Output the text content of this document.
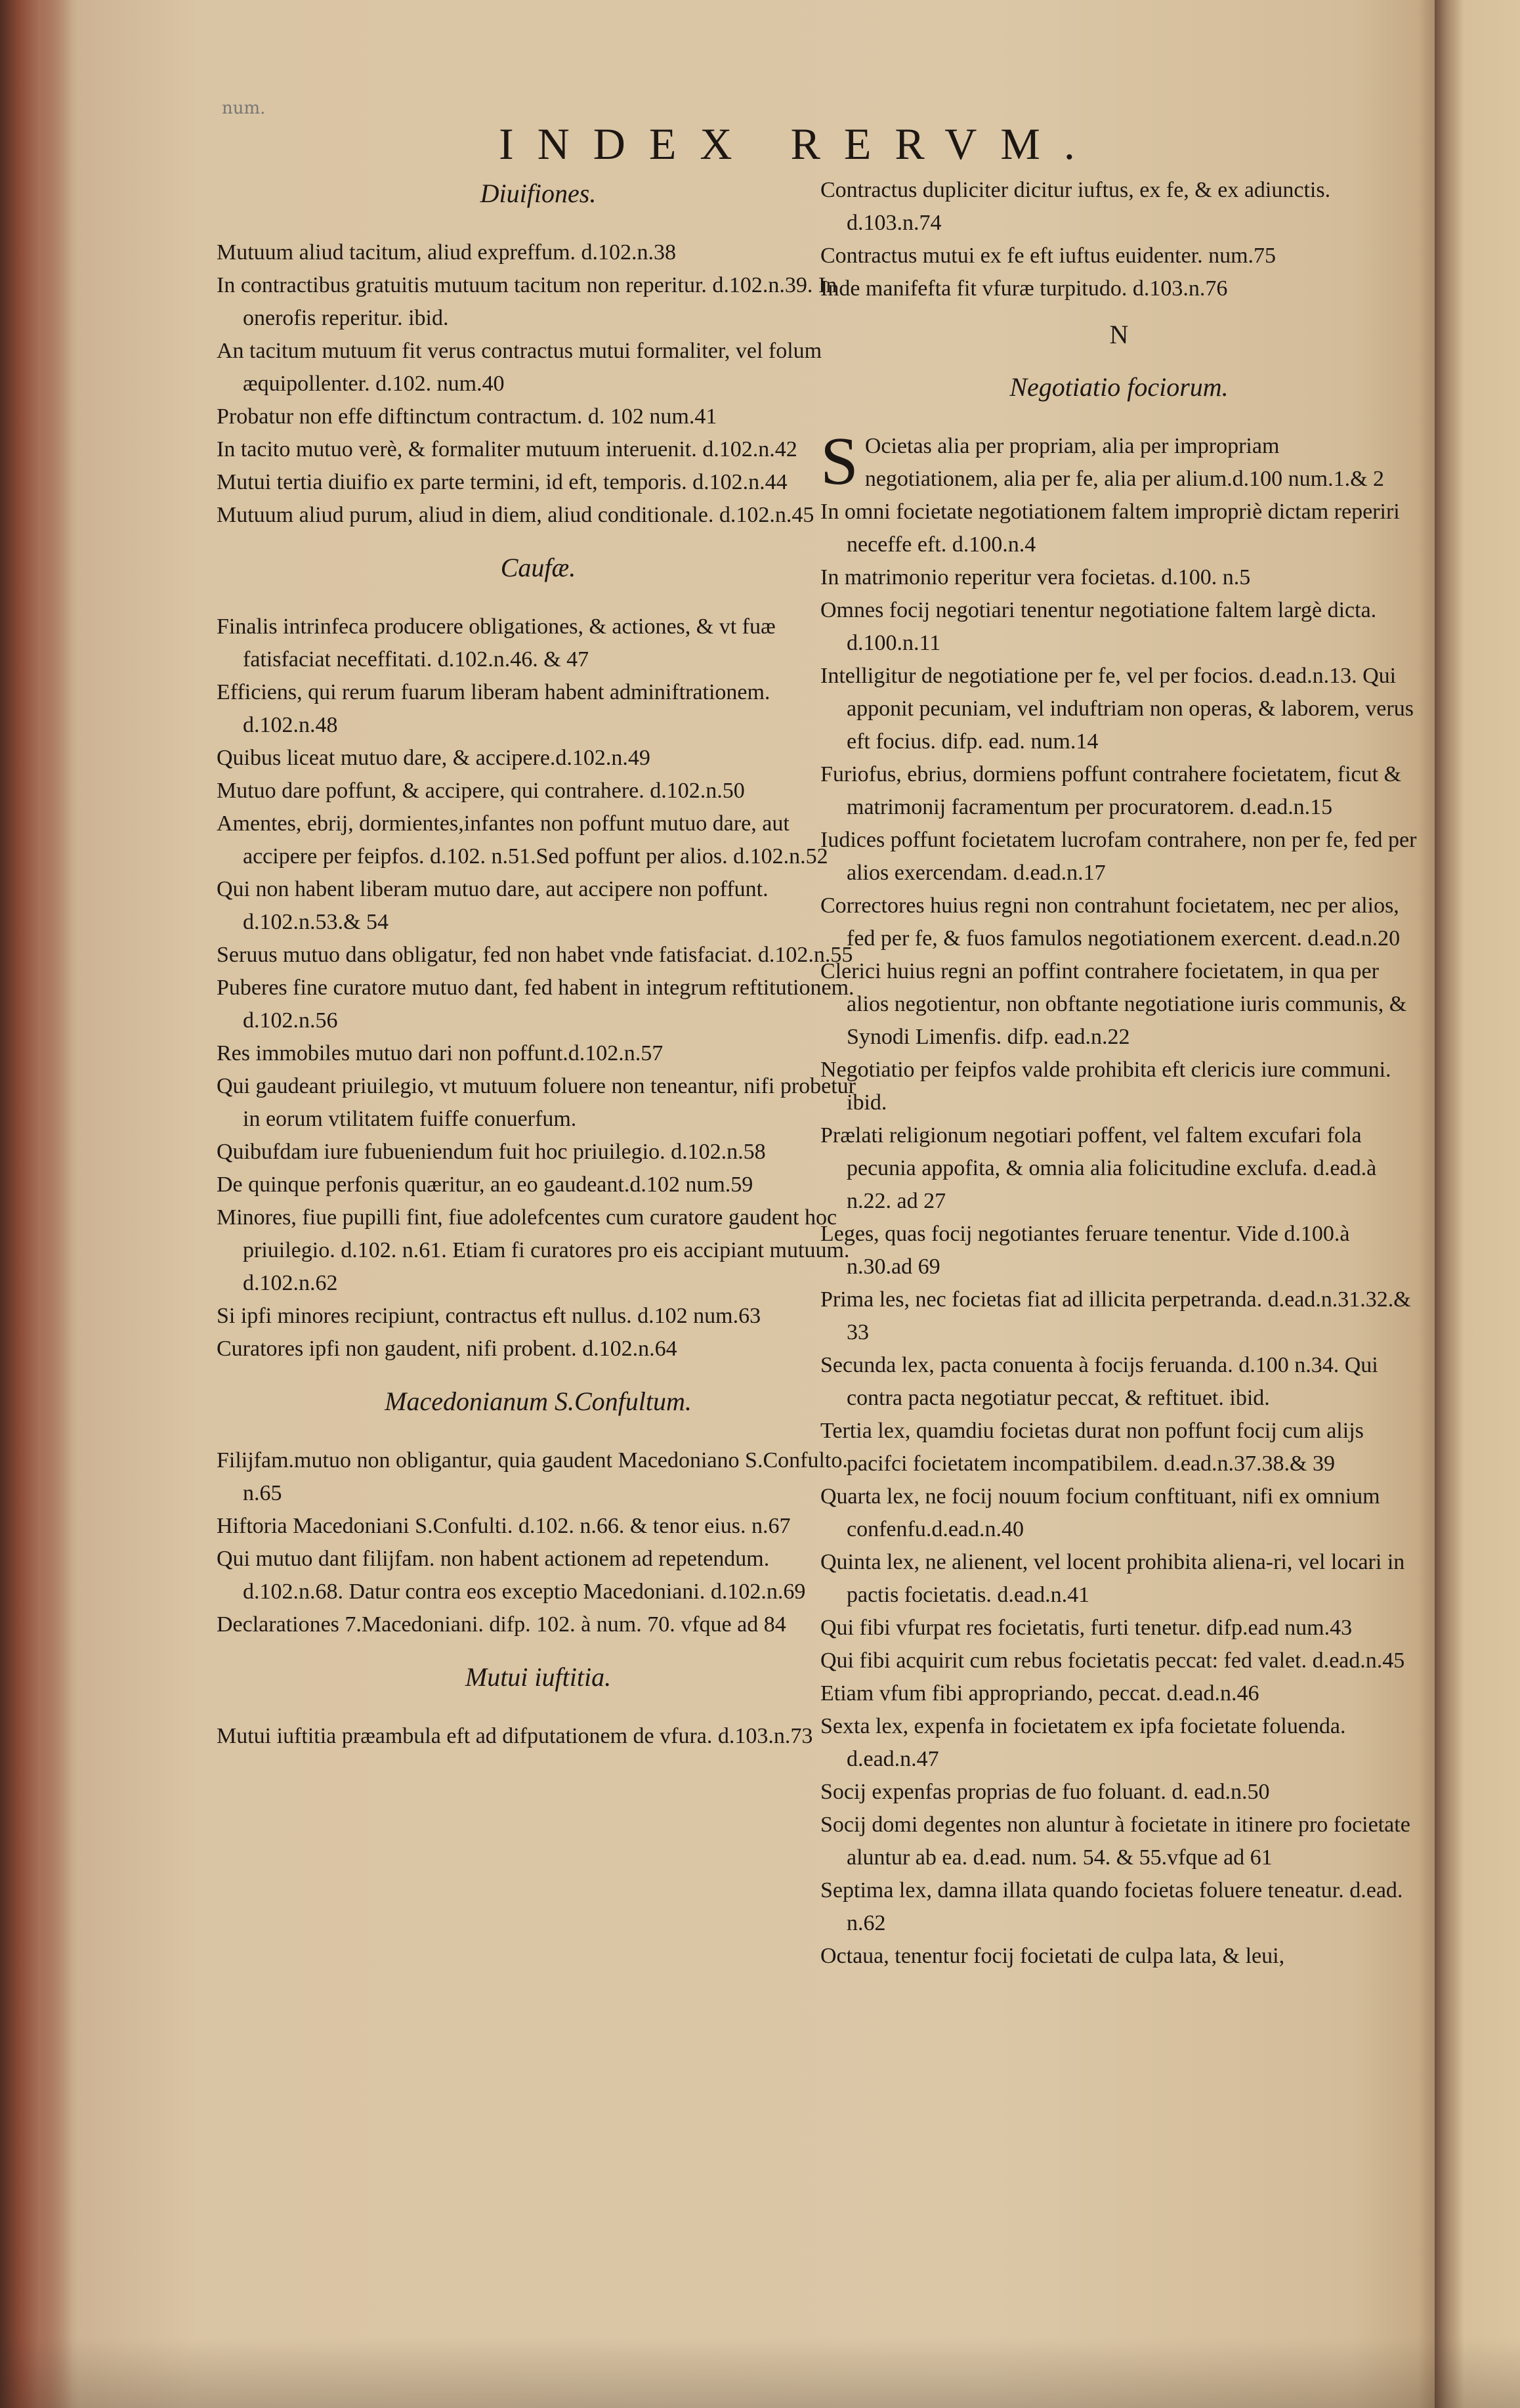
num.
INDEX RERVM.
Diuifiones.
Mutuum aliud tacitum, aliud expreffum. d.102.n.38
In contractibus gratuitis mutuum tacitum non reperitur. d.102.n.39. In onerofis reperitur. ibid.
An tacitum mutuum fit verus contractus mutui formaliter, vel folum æquipollenter. d.102. num.40
Probatur non effe diftinctum contractum. d. 102 num.41
In tacito mutuo verè, & formaliter mutuum interuenit. d.102.n.42
Mutui tertia diuifio ex parte termini, id eft, temporis. d.102.n.44
Mutuum aliud purum, aliud in diem, aliud conditionale. d.102.n.45
Caufæ.
Finalis intrinfeca producere obligationes, & actiones, & vt fuæ fatisfaciat neceffitati. d.102.n.46. & 47
Efficiens, qui rerum fuarum liberam habent adminiftrationem. d.102.n.48
Quibus liceat mutuo dare, & accipere.d.102.n.49
Mutuo dare poffunt, & accipere, qui contrahere. d.102.n.50
Amentes, ebrij, dormientes,infantes non poffunt mutuo dare, aut accipere per feipfos. d.102. n.51.Sed poffunt per alios. d.102.n.52
Qui non habent liberam mutuo dare, aut accipere non poffunt. d.102.n.53.& 54
Seruus mutuo dans obligatur, fed non habet vnde fatisfaciat. d.102.n.55
Puberes fine curatore mutuo dant, fed habent in integrum reftitutionem. d.102.n.56
Res immobiles mutuo dari non poffunt.d.102.n.57
Qui gaudeant priuilegio, vt mutuum foluere non teneantur, nifi probetur in eorum vtilitatem fuiffe conuerfum.
Quibufdam iure fubueniendum fuit hoc priuilegio. d.102.n.58
De quinque perfonis quæritur, an eo gaudeant.d.102 num.59
Minores, fiue pupilli fint, fiue adolefcentes cum curatore gaudent hoc priuilegio. d.102. n.61. Etiam fi curatores pro eis accipiant mutuum. d.102.n.62
Si ipfi minores recipiunt, contractus eft nullus. d.102 num.63
Curatores ipfi non gaudent, nifi probent. d.102.n.64
Macedonianum S.Confultum.
Filijfam.mutuo non obligantur, quia gaudent Macedoniano S.Confulto. n.65
Hiftoria Macedoniani S.Confulti. d.102. n.66. & tenor eius. n.67
Qui mutuo dant filijfam. non habent actionem ad repetendum. d.102.n.68. Datur contra eos exceptio Macedoniani. d.102.n.69
Declarationes 7.Macedoniani. difp. 102. à num. 70. vfque ad 84
Mutui iuftitia.
Mutui iuftitia præambula eft ad difputationem de vfura. d.103.n.73
Contractus dupliciter dicitur iuftus, ex fe, & ex adiunctis. d.103.n.74
Contractus mutui ex fe eft iuftus euidenter. num.75
Inde manifefta fit vfuræ turpitudo. d.103.n.76
N
Negotiatio fociorum.
S Ocietas alia per propriam, alia per impropriam negotiationem, alia per fe, alia per alium.d.100 num.1.& 2
In omni focietate negotiationem faltem impropriè dictam reperiri neceffe eft. d.100.n.4
In matrimonio reperitur vera focietas. d.100. n.5
Omnes focij negotiari tenentur negotiatione faltem largè dicta. d.100.n.11
Intelligitur de negotiatione per fe, vel per focios. d.ead.n.13. Qui apponit pecuniam, vel induftriam non operas, & laborem, verus eft focius. difp. ead. num.14
Furiofus, ebrius, dormiens poffunt contrahere focietatem, ficut & matrimonij facramentum per procuratorem. d.ead.n.15
Iudices poffunt focietatem lucrofam contrahere, non per fe, fed per alios exercendam. d.ead.n.17
Correctores huius regni non contrahunt focietatem, nec per alios, fed per fe, & fuos famulos negotiationem exercent. d.ead.n.20
Clerici huius regni an poffint contrahere focietatem, in qua per alios negotientur, non obftante negotiatione iuris communis, & Synodi Limenfis. difp. ead.n.22
Negotiatio per feipfos valde prohibita eft clericis iure communi. ibid.
Prælati religionum negotiari poffent, vel faltem excufari fola pecunia appofita, & omnia alia folicitudine exclufa. d.ead.à n.22. ad 27
Leges, quas focij negotiantes feruare tenentur. Vide d.100.à n.30.ad 69
Prima les, nec focietas fiat ad illicita perpetranda. d.ead.n.31.32.& 33
Secunda lex, pacta conuenta à focijs feruanda. d.100 n.34. Qui contra pacta negotiatur peccat, & reftituet. ibid.
Tertia lex, quamdiu focietas durat non poffunt focij cum alijs pacifci focietatem incompatibilem. d.ead.n.37.38.& 39
Quarta lex, ne focij nouum focium conftituant, nifi ex omnium confenfu.d.ead.n.40
Quinta lex, ne alienent, vel locent prohibita aliena-ri, vel locari in pactis focietatis. d.ead.n.41
Qui fibi vfurpat res focietatis, furti tenetur. difp.ead num.43
Qui fibi acquirit cum rebus focietatis peccat: fed valet. d.ead.n.45
Etiam vfum fibi appropriando, peccat. d.ead.n.46
Sexta lex, expenfa in focietatem ex ipfa focietate foluenda. d.ead.n.47
Socij expenfas proprias de fuo foluant. d. ead.n.50
Socij domi degentes non aluntur à focietate in itinere pro focietate aluntur ab ea. d.ead. num. 54. & 55.vfque ad 61
Septima lex, damna illata quando focietas foluere teneatur. d.ead. n.62
Octaua, tenentur focij focietati de culpa lata, & leui,
